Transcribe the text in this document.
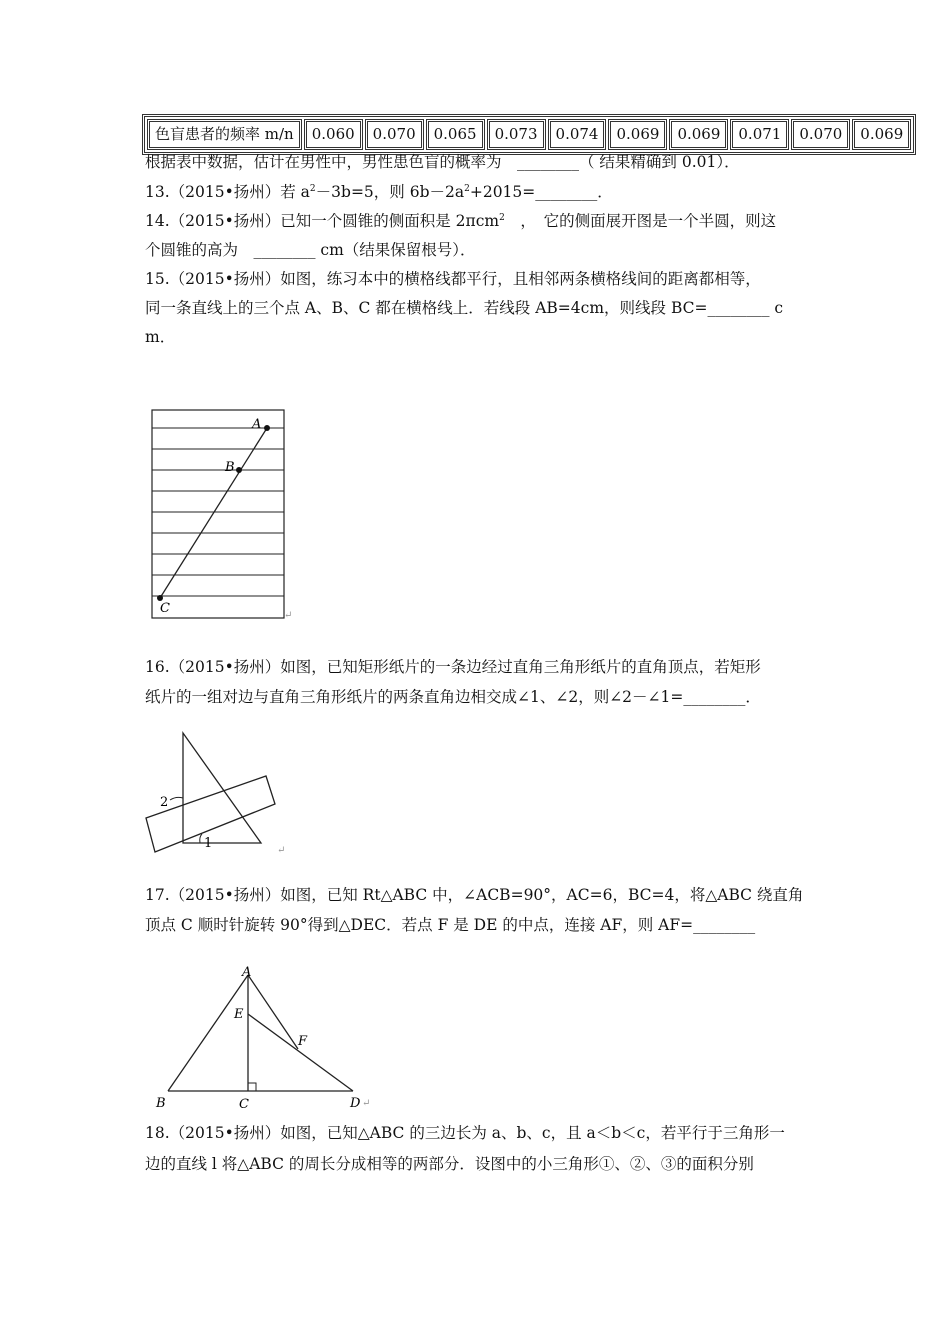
色盲患者的频率 m/n	0.060	0.070	0.065	0.073	0.074	0.069	0.069	0.071	0.070	0.069
根据表中数据，估计在男性中，男性患色盲的概率为　________（ 结果精确到 0.01）．
13.（2015•扬州）若 $a^2-3b=5$，则 $6b-2a^2+2015=\_\_\_\_\_\_\_\_$．
14.（2015•扬州）已知一个圆锥的侧面积是 2πcm$^2$　，　它的侧面展开图是一个半圆，则这
个圆锥的高为　________ cm（结果保留根号）．
15.（2015•扬州）如图，练习本中的横格线都平行，且相邻两条横格线间的距离都相等，
同一条直线上的三个点 A、B、C 都在横格线上．若线段 AB=4cm，则线段 BC=________ c
m．
A
B
C	↵
16.（2015•扬州）如图，已知矩形纸片的一条边经过直角三角形纸片的直角顶点，若矩形
纸片的一组对边与直角三角形纸片的两条直角边相交成∠1、∠2，则∠2－∠1=________．
2
1	↵
17.（2015•扬州）如图，已知 Rt△ABC 中，∠ACB=90°，AC=6，BC=4，将△ABC 绕直角
顶点 C 顺时针旋转 90°得到△DEC．若点 F 是 DE 的中点，连接 AF，则 AF=________
A
E
F
B	C	D ↵
18.（2015•扬州）如图，已知△ABC 的三边长为 a、b、c，且 a＜b＜c，若平行于三角形一
边的直线 l 将△ABC 的周长分成相等的两部分．设图中的小三角形①、②、③的面积分别
